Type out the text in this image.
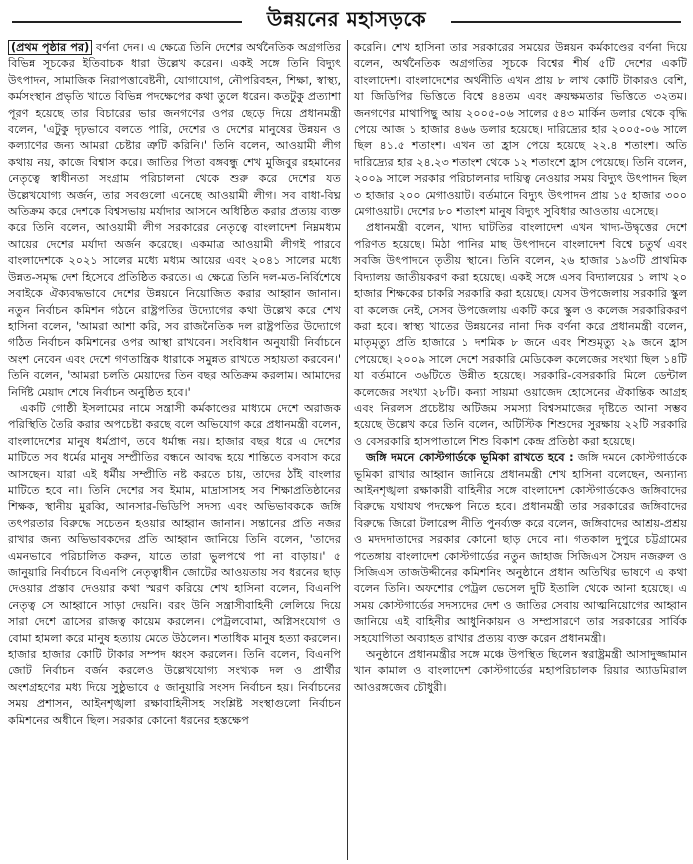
উন্নয়নের মহাসড়কে

(প্রথম পৃষ্ঠার পর) বর্ণনা দেন। এ ক্ষেত্রে তিনি দেশের অর্থনৈতিক অগ্রগতির বিভিন্ন সূচকের ইতিবাচক ধারা উল্লেখ করেন। একই সঙ্গে তিনি বিদ্যুৎ উৎপাদন, সামাজিক নিরাপত্তাবেষ্টনী, যোগাযোগ, নৌপরিবহন, শিক্ষা, স্বাস্থ্য, কর্মসংস্থান প্রভৃতি খাতে বিভিন্ন পদক্ষেপের কথা তুলে ধরেন। কতটুকু প্রত্যাশা পূরণ হয়েছে তার বিচারের ভার জনগণের ওপর ছেড়ে দিয়ে প্রধানমন্ত্রী বলেন, 'এটুকু দৃঢ়ভাবে বলতে পারি, দেশের ও দেশের মানুষের উন্নয়ন ও কল্যাণের জন্য আমরা চেষ্টার ত্রুটি করিনি।' তিনি বলেন, আওয়ামী লীগ কথায় নয়, কাজে বিশ্বাস করে। জাতির পিতা বঙ্গবন্ধু শেখ মুজিবুর রহমানের নেতৃত্বে স্বাধীনতা সংগ্রাম পরিচালনা থেকে শুরু করে দেশের যত উল্লেখযোগ্য অর্জন, তার সবগুলো এনেছে আওয়ামী লীগ। সব বাধা-বিঘ্ন অতিক্রম করে দেশকে বিশ্বসভায় মর্যাদার আসনে অধিষ্ঠিত করার প্রত্যয় ব্যক্ত করে তিনি বলেন, আওয়ামী লীগ সরকারের নেতৃত্বে বাংলাদেশ নিম্নমধ্যম আয়ের দেশের মর্যাদা অর্জন করেছে। একমাত্র আওয়ামী লীগই পারবে বাংলাদেশকে ২০২১ সালের মধ্যে মধ্যম আয়ের এবং ২০৪১ সালের মধ্যে উন্নত-সমৃদ্ধ দেশ হিসেবে প্রতিষ্ঠিত করতে। এ ক্ষেত্রে তিনি দল-মত-নির্বিশেষে সবাইকে ঐক্যবদ্ধভাবে দেশের উন্নয়নে নিয়োজিত করার আহ্বান জানান। নতুন নির্বাচন কমিশন গঠনে রাষ্ট্রপতির উদ্যোগের কথা উল্লেখ করে শেখ হাসিনা বলেন, 'আমরা আশা করি, সব রাজনৈতিক দল রাষ্ট্রপতির উদ্যোগে গঠিত নির্বাচন কমিশনের ওপর আস্থা রাখবেন। সংবিধান অনুযায়ী নির্বাচনে অংশ নেবেন এবং দেশে গণতান্ত্রিক ধারাকে সমুন্নত রাখতে সহায়তা করবেন।' তিনি বলেন, 'আমরা চলতি মেয়াদের তিন বছর অতিক্রম করলাম। আমাদের নির্দিষ্ট মেয়াদ শেষে নির্বাচন অনুষ্ঠিত হবে।'

একটি গোষ্ঠী ইসলামের নামে সন্ত্রাসী কর্মকাণ্ডের মাধ্যমে দেশে অরাজক পরিস্থিতি তৈরি করার অপচেষ্টা করছে বলে অভিযোগ করে প্রধানমন্ত্রী বলেন, বাংলাদেশের মানুষ ধর্মপ্রাণ, তবে ধর্মান্ধ নয়। হাজার বছর ধরে এ দেশের মাটিতে সব ধর্মের মানুষ সম্প্রীতির বন্ধনে আবদ্ধ হয়ে শান্তিতে বসবাস করে আসছেন। যারা এই ধর্মীয় সম্প্রীতি নষ্ট করতে চায়, তাদের ঠাঁই বাংলার মাটিতে হবে না। তিনি দেশের সব ইমাম, মাদ্রাসাসহ সব শিক্ষাপ্রতিষ্ঠানের শিক্ষক, স্থানীয় মুরব্বি, আনসার-ভিডিপি সদস্য এবং অভিভাবককে জঙ্গি তৎপরতার বিরুদ্ধে সচেতন হওয়ার আহ্বান জানান। সন্তানের প্রতি নজর রাখার জন্য অভিভাবকদের প্রতি আহ্বান জানিয়ে তিনি বলেন, 'তাদের এমনভাবে পরিচালিত করুন, যাতে তারা ভুলপথে পা না বাড়ায়।' ৫ জানুয়ারি নির্বাচনে বিএনপি নেতৃত্বাধীন জোটের আওয়তায় সব ধরনের ছাড় দেওয়ার প্রস্তাব দেওয়ার কথা স্মরণ করিয়ে শেখ হাসিনা বলেন, বিএনপি নেতৃত্ব সে আহ্বানে সাড়া দেয়নি। বরং উনি সন্ত্রাসীবাহিনী লেলিয়ে দিয়ে সারা দেশে ত্রাসের রাজত্ব কায়েম করলেন। পেট্রলবোমা, অগ্নিসংযোগ ও বোমা হামলা করে মানুষ হত্যায় মেতে উঠলেন। শতাধিক মানুষ হত্যা করলেন। হাজার হাজার কোটি টাকার সম্পদ ধ্বংস করলেন। তিনি বলেন, বিএনপি জোট নির্বাচন বর্জন করলেও উল্লেখযোগ্য সংখ্যক দল ও প্রার্থীর অংশগ্রহণের মধ্য দিয়ে সুষ্ঠুভাবে ৫ জানুয়ারি সংসদ নির্বাচন হয়। নির্বাচনের সময় প্রশাসন, আইনশৃঙ্খলা রক্ষাবাহিনীসহ সংশ্লিষ্ট সংস্থাগুলো নির্বাচন কমিশনের অধীনে ছিল। সরকার কোনো ধরনের হস্তক্ষেপ

করেনি। শেখ হাসিনা তার সরকারের সময়ের উন্নয়ন কর্মকাণ্ডের বর্ণনা দিয়ে বলেন, অর্থনৈতিক অগ্রগতির সূচকে বিশ্বের শীর্ষ ৫টি দেশের একটি বাংলাদেশ। বাংলাদেশের অর্থনীতি এখন প্রায় ৮ লাখ কোটি টাকারও বেশি, যা জিডিপির ভিত্তিতে বিশ্বে ৪৪তম এবং ক্রয়ক্ষমতার ভিত্তিতে ৩২তম। জনগণের মাথাপিছু আয় ২০০৫-০৬ সালের ৫৪৩ মার্কিন ডলার থেকে বৃদ্ধি পেয়ে আজ ১ হাজার ৪৬৬ ডলার হয়েছে। দারিদ্র্যের হার ২০০৫-০৬ সালে ছিল ৪১.৫ শতাংশ। এখন তা হ্রাস পেয়ে হয়েছে ২২.৪ শতাংশ। অতি দারিদ্র্যের হার ২৪.২৩ শতাংশ থেকে ১২ শতাংশে হ্রাস পেয়েছে। তিনি বলেন, ২০০৯ সালে সরকার পরিচালনার দায়িত্ব নেওয়ার সময় বিদ্যুৎ উৎপাদন ছিল ৩ হাজার ২০০ মেগাওয়াট। বর্তমানে বিদ্যুৎ উৎপাদন প্রায় ১৫ হাজার ৩০০ মেগাওয়াট। দেশের ৮০ শতাংশ মানুষ বিদ্যুৎ সুবিধার আওতায় এসেছে।

প্রধানমন্ত্রী বলেন, খাদ্য ঘাটতির বাংলাদেশ এখন খাদ্য-উদ্বৃত্তের দেশে পরিণত হয়েছে। মিঠা পানির মাছ উৎপাদনে বাংলাদেশ বিশ্বে চতুর্থ এবং সবজি উৎপাদনে তৃতীয় স্থানে। তিনি বলেন, ২৬ হাজার ১৯৩টি প্রাথমিক বিদ্যালয় জাতীয়করণ করা হয়েছে। একই সঙ্গে এসব বিদ্যালয়ের ১ লাখ ২০ হাজার শিক্ষকের চাকরি সরকারি করা হয়েছে। যেসব উপজেলায় সরকারি স্কুল বা কলেজ নেই, সেসব উপজেলায় একটি করে স্কুল ও কলেজ সরকারিকরণ করা হবে। স্বাস্থ্য খাতের উন্নয়নের নানা দিক বর্ণনা করে প্রধানমন্ত্রী বলেন, মাতৃমৃত্যু প্রতি হাজারে ১ দশমিক ৮ জনে এবং শিশুমৃত্যু ২৯ জনে হ্রাস পেয়েছে। ২০০৯ সালে দেশে সরকারি মেডিকেল কলেজের সংখ্যা ছিল ১৪টি যা বর্তমানে ৩৬টিতে উন্নীত হয়েছে। সরকারি-বেসরকারি মিলে ডেন্টাল কলেজের সংখ্যা ২৮টি। কন্যা সায়মা ওয়াজেদ হোসেনের ঐকান্তিক আগ্রহ এবং নিরলস প্রচেষ্টায় অটিজম সমস্যা বিশ্বসমাজের দৃষ্টিতে আনা সম্ভব হয়েছে উল্লেখ করে তিনি বলেন, অটিস্টিক শিশুদের সুরক্ষায় ২২টি সরকারি ও বেসরকারি হাসপাতালে শিশু বিকাশ কেন্দ্র প্রতিষ্ঠা করা হয়েছে।

জঙ্গি দমনে কোস্টগার্ডকে ভূমিকা রাখতে হবে : জঙ্গি দমনে কোস্টগার্ডকে ভূমিকা রাখার আহ্বান জানিয়ে প্রধানমন্ত্রী শেখ হাসিনা বলেছেন, অন্যান্য আইনশৃঙ্খলা রক্ষাকারী বাহিনীর সঙ্গে বাংলাদেশ কোস্টগার্ডকেও জঙ্গিবাদের বিরুদ্ধে যথাযথ পদক্ষেপ নিতে হবে। প্রধানমন্ত্রী তার সরকারের জঙ্গিবাদের বিরুদ্ধে জিরো টলারেন্স নীতি পুনর্ব্যক্ত করে বলেন, জঙ্গিবাদের আশ্রয়-প্রশ্রয় ও মদদদাতাদের সরকার কোনো ছাড় দেবে না। গতকাল দুপুরে চট্টগ্রামের পতেঙ্গায় বাংলাদেশ কোস্টগার্ডের নতুন জাহাজ সিজিএস সৈয়দ নজরুল ও সিজিএস তাজউদ্দীনের কমিশনিং অনুষ্ঠানে প্রধান অতিথির ভাষণে এ কথা বলেন তিনি। অফশোর পেট্রল ভেসেল দুটি ইতালি থেকে আনা হয়েছে। এ সময় কোস্টগার্ডের সদস্যদের দেশ ও জাতির সেবায় আত্মনিয়োগের আহ্বান জানিয়ে এই বাহিনীর আধুনিকায়ন ও সম্প্রসারণে তার সরকারের সার্বিক সহযোগিতা অব্যাহত রাখার প্রত্যয় ব্যক্ত করেন প্রধানমন্ত্রী।

অনুষ্ঠানে প্রধানমন্ত্রীর সঙ্গে মঞ্চে উপস্থিত ছিলেন স্বরাষ্ট্রমন্ত্রী আসাদুজ্জামান খান কামাল ও বাংলাদেশ কোস্টগার্ডের মহাপরিচালক রিয়ার অ্যাডমিরাল আওরঙ্গজেব চৌধুরী।
